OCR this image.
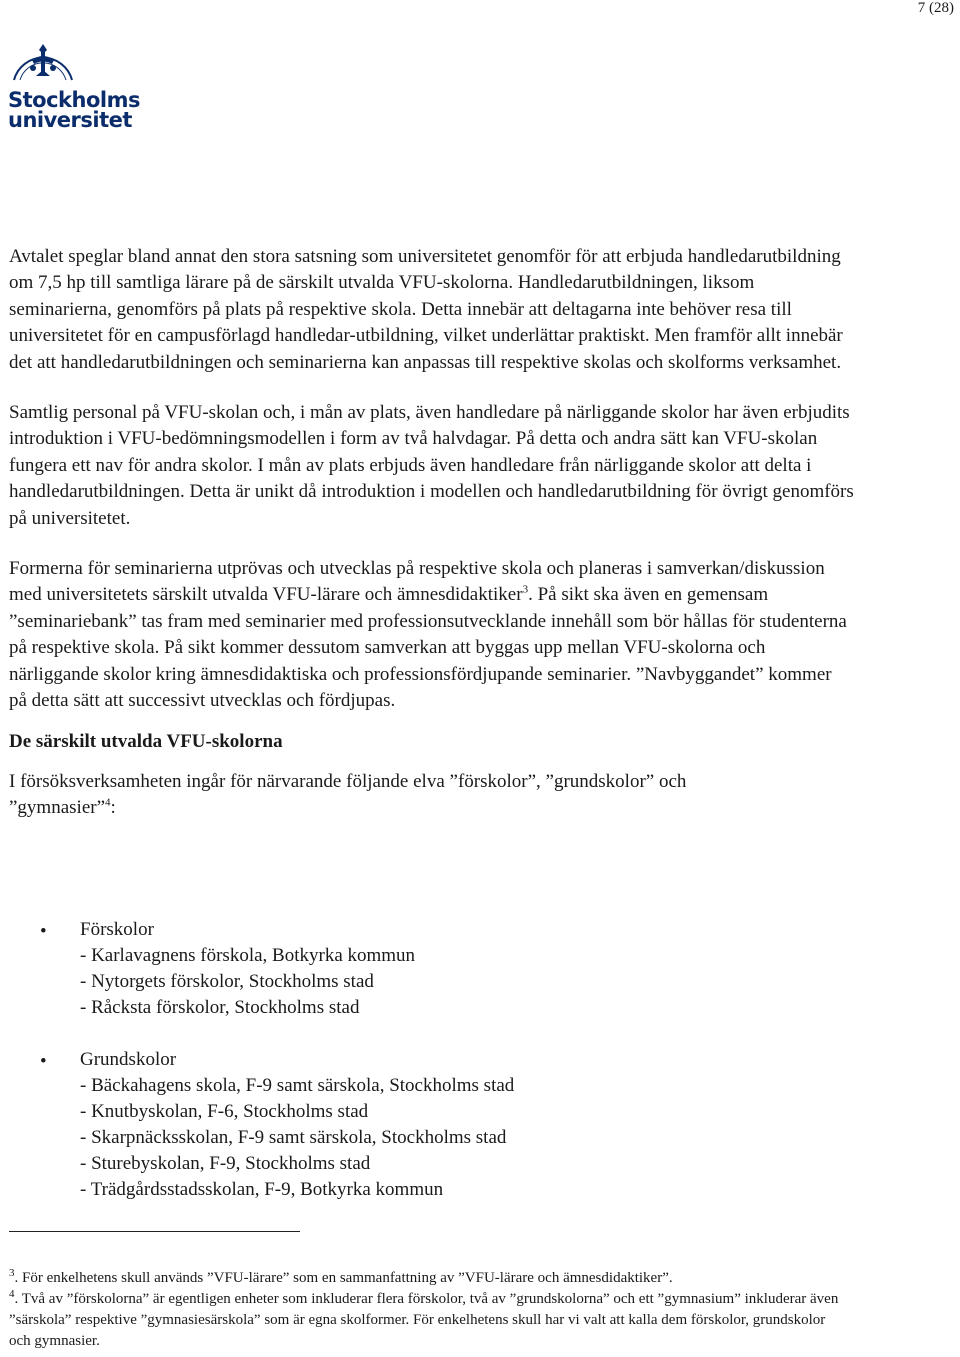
7 (28)
Stockholms
universitet

Avtalet speglar bland annat den stora satsning som universitetet genomför för att erbjuda handledarutbildning om 7,5 hp till samtliga lärare på de särskilt utvalda VFU-skolorna. Handledarutbildningen, liksom seminarierna, genomförs på plats på respektive skola. Detta innebär att deltagarna inte behöver resa till universitetet för en campusförlagd handledar-utbildning, vilket underlättar praktiskt. Men framför allt innebär det att handledarutbildningen och seminarierna kan anpassas till respektive skolas och skolforms verksamhet.

Samtlig personal på VFU-skolan och, i mån av plats, även handledare på närliggande skolor har även erbjudits introduktion i VFU-bedömningsmodellen i form av två halvdagar. På detta och andra sätt kan VFU-skolan fungera ett nav för andra skolor. I mån av plats erbjuds även handledare från närliggande skolor att delta i handledarutbildningen. Detta är unikt då introduktion i modellen och handledarutbildning för övrigt genomförs på universitetet.

Formerna för seminarierna utprövas och utvecklas på respektive skola och planeras i samverkan/diskussion med universitetets särskilt utvalda VFU-lärare och ämnesdidaktiker$^3$. På sikt ska även en gemensam ”seminariebank” tas fram med seminarier med professionsutvecklande innehåll som bör hållas för studenterna på respektive skola. På sikt kommer dessutom samverkan att byggas upp mellan VFU-skolorna och närliggande skolor kring ämnesdidaktiska och professionsfördjupande seminarier. ”Navbyggandet” kommer på detta sätt att successivt utvecklas och fördjupas.

De särskilt utvalda VFU-skolorna

I försöksverksamheten ingår för närvarande följande elva ”förskolor”, ”grundskolor” och ”gymnasier”$^4$:

• Förskolor
- Karlavagnens förskola, Botkyrka kommun
- Nytorgets förskolor, Stockholms stad
- Råcksta förskolor, Stockholms stad
• Grundskolor
- Bäckahagens skola, F-9 samt särskola, Stockholms stad
- Knutbyskolan, F-6, Stockholms stad
- Skarpnäcksskolan, F-9 samt särskola, Stockholms stad
- Sturebyskolan, F-9, Stockholms stad
- Trädgårdsstadsskolan, F-9, Botkyrka kommun

$^3$. För enkelhetens skull används ”VFU-lärare” som en sammanfattning av ”VFU-lärare och ämnesdidaktiker”.

$^4$. Två av ”förskolorna” är egentligen enheter som inkluderar flera förskolor, två av ”grundskolorna” och ett ”gymnasium” inkluderar även ”särskola” respektive ”gymnasiesärskola” som är egna skolformer. För enkelhetens skull har vi valt att kalla dem förskolor, grundskolor och gymnasier.
